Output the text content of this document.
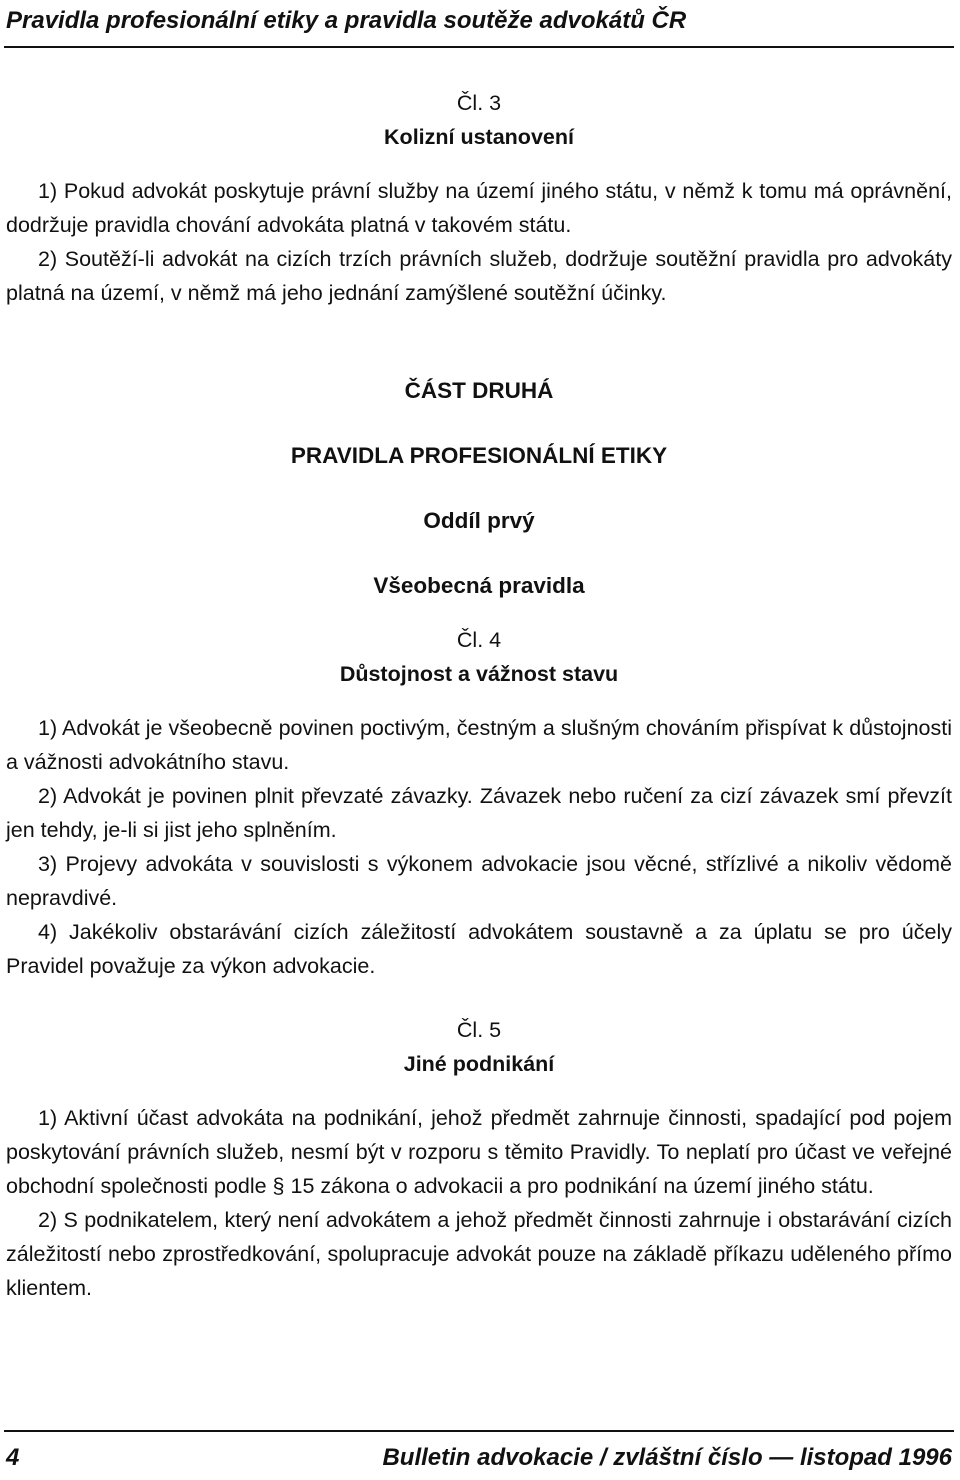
Pravidla profesionální etiky a pravidla soutěže advokátů ČR

Čl. 3

Kolizní ustanovení

1) Pokud advokát poskytuje právní služby na území jiného státu, v němž k tomu má oprávnění, dodržuje pravidla chování advokáta platná v takovém státu.

2) Soutěží-li advokát na cizích trzích právních služeb, dodržuje soutěžní pravidla pro advokáty platná na území, v němž má jeho jednání zamýšlené soutěžní účinky.

ČÁST DRUHÁ

PRAVIDLA PROFESIONÁLNÍ ETIKY

Oddíl prvý

Všeobecná pravidla

Čl. 4

Důstojnost a vážnost stavu

1) Advokát je všeobecně povinen poctivým, čestným a slušným chováním přispívat k důstojnosti a vážnosti advokátního stavu.

2) Advokát je povinen plnit převzaté závazky. Závazek nebo ručení za cizí závazek smí převzít jen tehdy, je-li si jist jeho splněním.

3) Projevy advokáta v souvislosti s výkonem advokacie jsou věcné, střízlivé a nikoliv vědomě nepravdivé.

4) Jakékoliv obstarávání cizích záležitostí advokátem soustavně a za úplatu se pro účely Pravidel považuje za výkon advokacie.

Čl. 5

Jiné podnikání

1) Aktivní účast advokáta na podnikání, jehož předmět zahrnuje činnosti, spadající pod pojem poskytování právních služeb, nesmí být v rozporu s těmito Pravidly. To neplatí pro účast ve veřejné obchodní společnosti podle § 15 zákona o advokacii a pro podnikání na území jiného státu.

2) S podnikatelem, který není advokátem a jehož předmět činnosti zahrnuje i obstarávání cizích záležitostí nebo zprostředkování, spolupracuje advokát pouze na základě příkazu uděleného přímo klientem.

4	Bulletin advokacie / zvláštní číslo — listopad 1996
